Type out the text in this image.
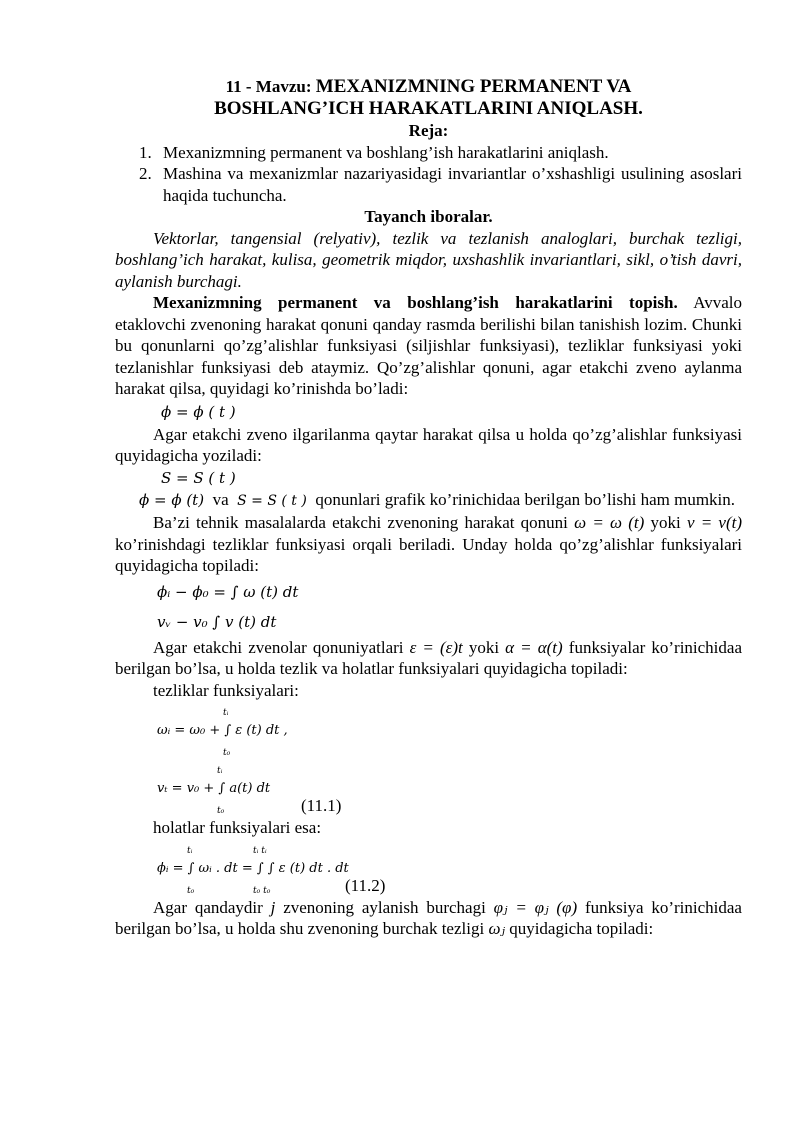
11 - Mavzu: MEXANIZMNING PERMANENT VA

BOSHLANG’ICH HARAKATLARINI ANIQLASH.

Reja:

1. Mexanizmning permanent va boshlang’ish harakatlarini aniqlash.
2. Mashina va mexanizmlar nazariyasidagi invariantlar o’xshashligi usulining asoslari haqida tuchuncha.

Tayanch iboralar.

Vektorlar, tangensial (relyativ), tezlik va tezlanish analoglari, burchak tezligi, boshlang’ich harakat, kulisa, geometrik miqdor, uxshashlik invariantlari, sikl, o’tish davri, aylanish burchagi.

Mexanizmning permanent va boshlang’ish harakatlarini topish. Avvalo etaklovchi zvenoning harakat qonuni qanday rasmda berilishi bilan tanishish lozim. Chunki bu qonunlarni qo’zg’alishlar funksiyasi (siljishlar funksiyasi), tezliklar funksiyasi yoki tezlanishlar funksiyasi deb ataymiz. Qo’zg’alishlar qonuni, agar etakchi zveno aylanma harakat qilsa, quyidagi ko’rinishda bo’ladi:

ϕ = ϕ ( t )

Agar etakchi zveno ilgarilanma qaytar harakat qilsa u holda qo’zg’alishlar funksiyasi quyidagicha yoziladi:

S = S ( t )

ϕ = ϕ (t) va S = S ( t ) qonunlari grafik ko’rinichidaa berilgan bo’lishi ham mumkin.

Ba’zi tehnik masalalarda etakchi zvenoning harakat qonuni ω = ω (t) yoki v = v(t) ko’rinishdagi tezliklar funksiyasi orqali beriladi. Unday holda qo’zg’alishlar funksiyalari quyidagicha topiladi:

ϕᵢ − ϕ₀ = ∫ ω (t) dt

vᵥ − v₀ ∫ v (t) dt

Agar etakchi zvenolar qonuniyatlari ε = (ε)t yoki α = α(t) funksiyalar ko’rinichidaa berilgan bo’lsa, u holda tezlik va holatlar funksiyalari quyidagicha topiladi:

tezliklar funksiyalari:

tᵢ
ωᵢ = ω₀ + ∫ ε (t) dt ,
t₀
tᵢ
vₜ = v₀ + ∫ a(t) dt
t₀	(11.1)

holatlar funksiyalari esa:

tᵢ	tᵢ tᵢ
ϕᵢ = ∫ ωᵢ . dt = ∫ ∫ ε (t) dt . dt
t₀	t₀ t₀	(11.2)

Agar qandaydir j zvenoning aylanish burchagi φⱼ = φⱼ (φ) funksiya ko’rinichidaa berilgan bo’lsa, u holda shu zvenoning burchak tezligi ωⱼ quyidagicha topiladi:
